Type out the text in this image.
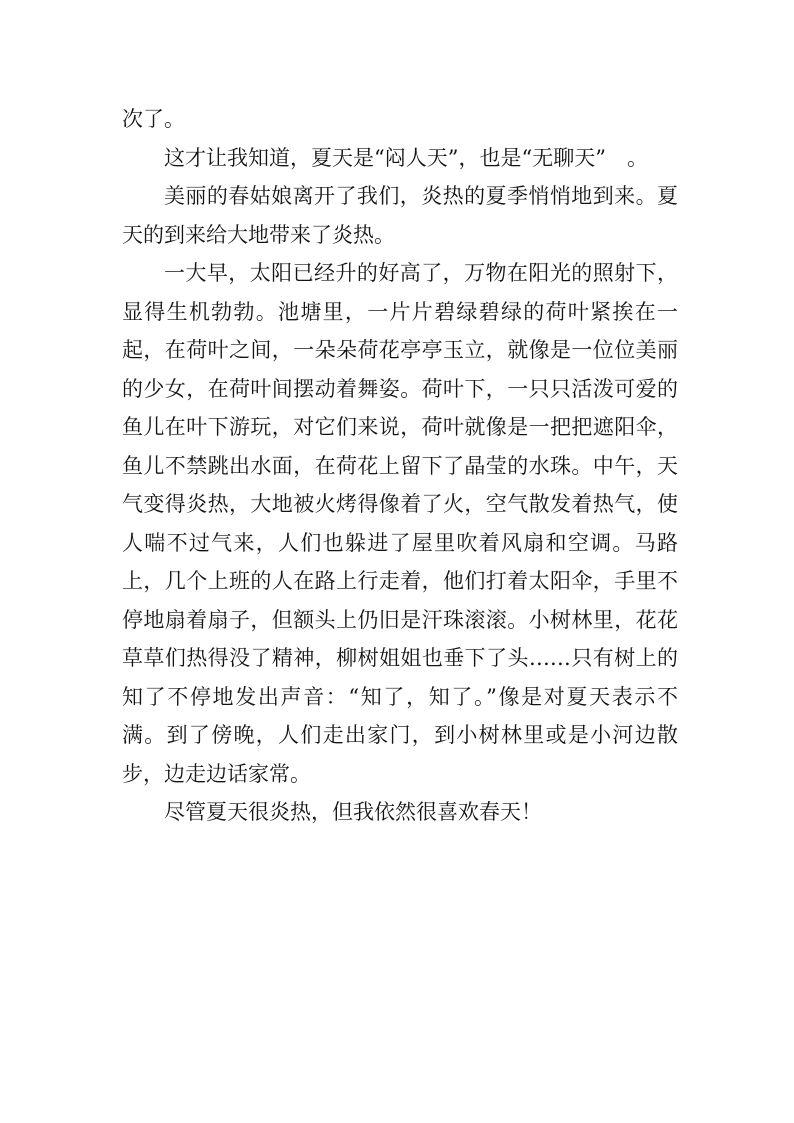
次了。

这才让我知道，夏天是“闷人天”，也是“无聊天”　。

美丽的春姑娘离开了我们，炎热的夏季悄悄地到来。夏天的到来给大地带来了炎热。

一大早，太阳已经升的好高了，万物在阳光的照射下，显得生机勃勃。池塘里，一片片碧绿碧绿的荷叶紧挨在一起，在荷叶之间，一朵朵荷花亭亭玉立，就像是一位位美丽的少女，在荷叶间摆动着舞姿。荷叶下，一只只活泼可爱的鱼儿在叶下游玩，对它们来说，荷叶就像是一把把遮阳伞，鱼儿不禁跳出水面，在荷花上留下了晶莹的水珠。中午，天气变得炎热，大地被火烤得像着了火，空气散发着热气，使人喘不过气来，人们也躲进了屋里吹着风扇和空调。马路上，几个上班的人在路上行走着，他们打着太阳伞，手里不停地扇着扇子，但额头上仍旧是汗珠滚滚。小树林里，花花草草们热得没了精神，柳树姐姐也垂下了头……只有树上的知了不停地发出声音：“知了，知了。”像是对夏天表示不满。到了傍晚，人们走出家门，到小树林里或是小河边散步，边走边话家常。

尽管夏天很炎热，但我依然很喜欢春天！
